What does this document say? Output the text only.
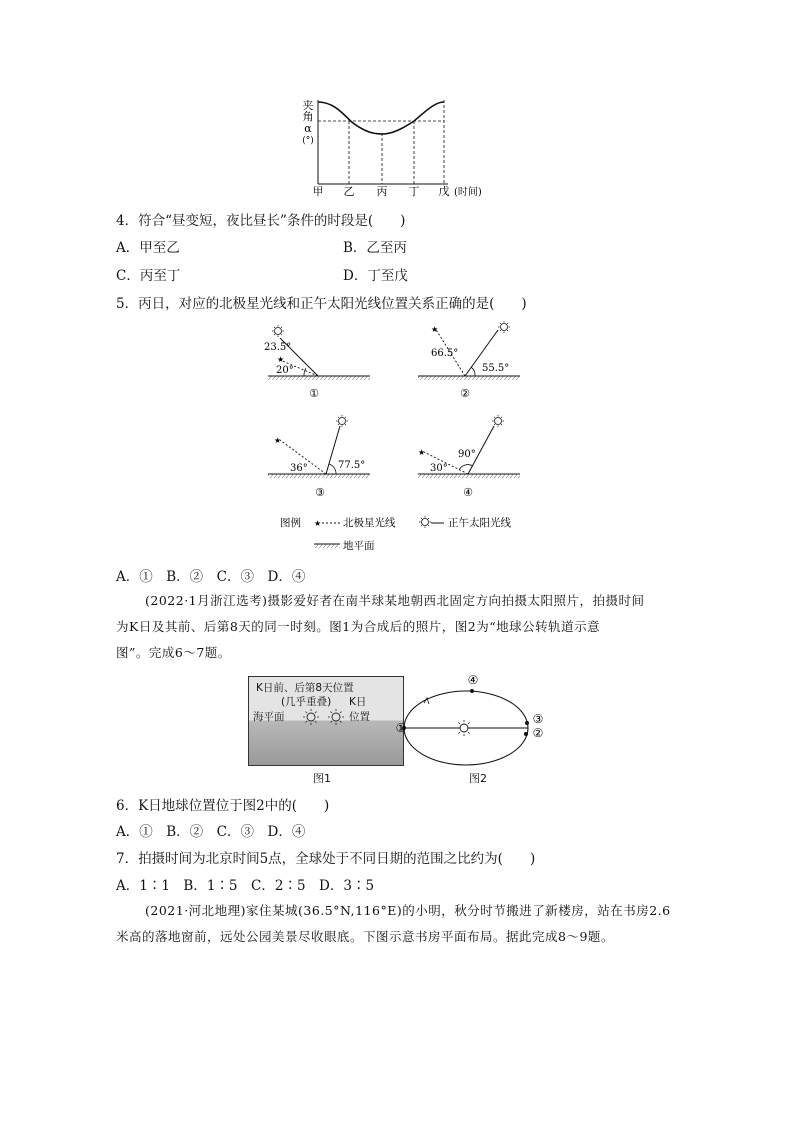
夹
角
α
(°)
甲 乙 丙 丁 戊 (时间)
4．符合“昼变短，夜比昼长”条件的时段是(　　)
A．甲至乙	B．乙至丙
C．丙至丁	D．丁至戊
5．丙日，对应的北极星光线和正午太阳光线位置关系正确的是(　　)
★
23.5°
20°
①
★
66.5°
55.5°
②
★
36°	77.5°
③
★	90°
30°
④
图例 ★ 北极星光线	正午太阳光线
地平面
A．①　B．②　C．③　D．④
(2022·1月浙江选考)摄影爱好者在南半球某地朝西北固定方向拍摄太阳照片，拍摄时间
为K日及其前、后第8天的同一时刻。图1为合成后的照片，图2为“地球公转轨道示意
图”。完成6～7题。
K日前、后第8天位置
(几乎重叠) K日
海平面	位置
图1
①	②
③
④
图2
6．K日地球位置位于图2中的(　　)
A．①　B．②　C．③　D．④
7．拍摄时间为北京时间5点，全球处于不同日期的范围之比约为(　　)
A．1∶1　B．1∶5　C．2∶5　D．3∶5
(2021·河北地理)家住某城(36.5°N,116°E)的小明，秋分时节搬进了新楼房，站在书房2.6
米高的落地窗前，远处公园美景尽收眼底。下图示意书房平面布局。据此完成8～9题。
